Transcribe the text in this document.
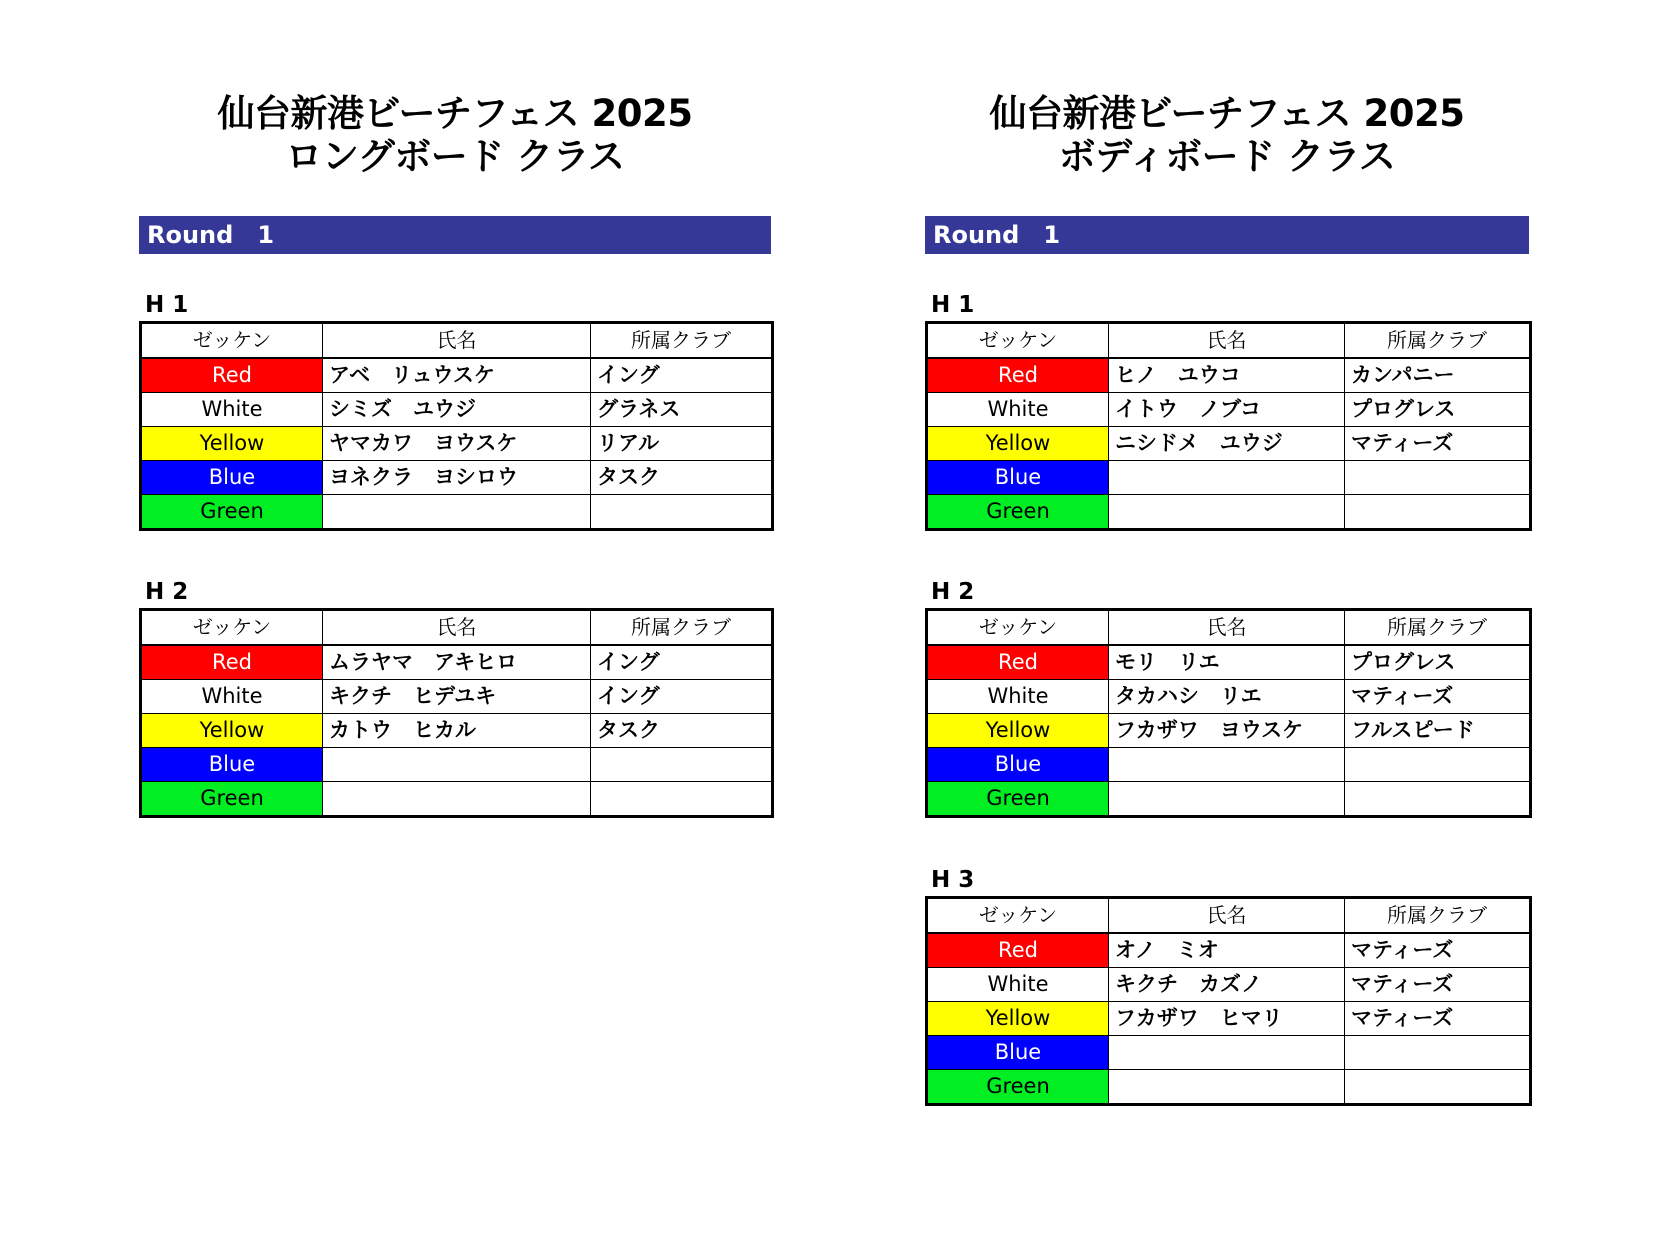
仙台新港ビーチフェス 2025
ロングボード クラス
Round　1
H 1
ゼッケン	氏名	所属クラブ
Red	アベ　リュウスケ	イング
White	シミズ　ユウジ	グラネス
Yellow	ヤマカワ　ヨウスケ	リアル
Blue	ヨネクラ　ヨシロウ	タスク
Green		
H 2
ゼッケン	氏名	所属クラブ
Red	ムラヤマ　アキヒロ	イング
White	キクチ　ヒデユキ	イング
Yellow	カトウ　ヒカル	タスク
Blue		
Green		
仙台新港ビーチフェス 2025
ボディボード クラス
Round　1
H 1
ゼッケン	氏名	所属クラブ
Red	ヒノ　ユウコ	カンパニー
White	イトウ　ノブコ	プログレス
Yellow	ニシドメ　ユウジ	マティーズ
Blue		
Green		
H 2
ゼッケン	氏名	所属クラブ
Red	モリ　リエ	プログレス
White	タカハシ　リエ	マティーズ
Yellow	フカザワ　ヨウスケ	フルスピード
Blue		
Green		
H 3
ゼッケン	氏名	所属クラブ
Red	オノ　ミオ	マティーズ
White	キクチ　カズノ	マティーズ
Yellow	フカザワ　ヒマリ	マティーズ
Blue		
Green		
